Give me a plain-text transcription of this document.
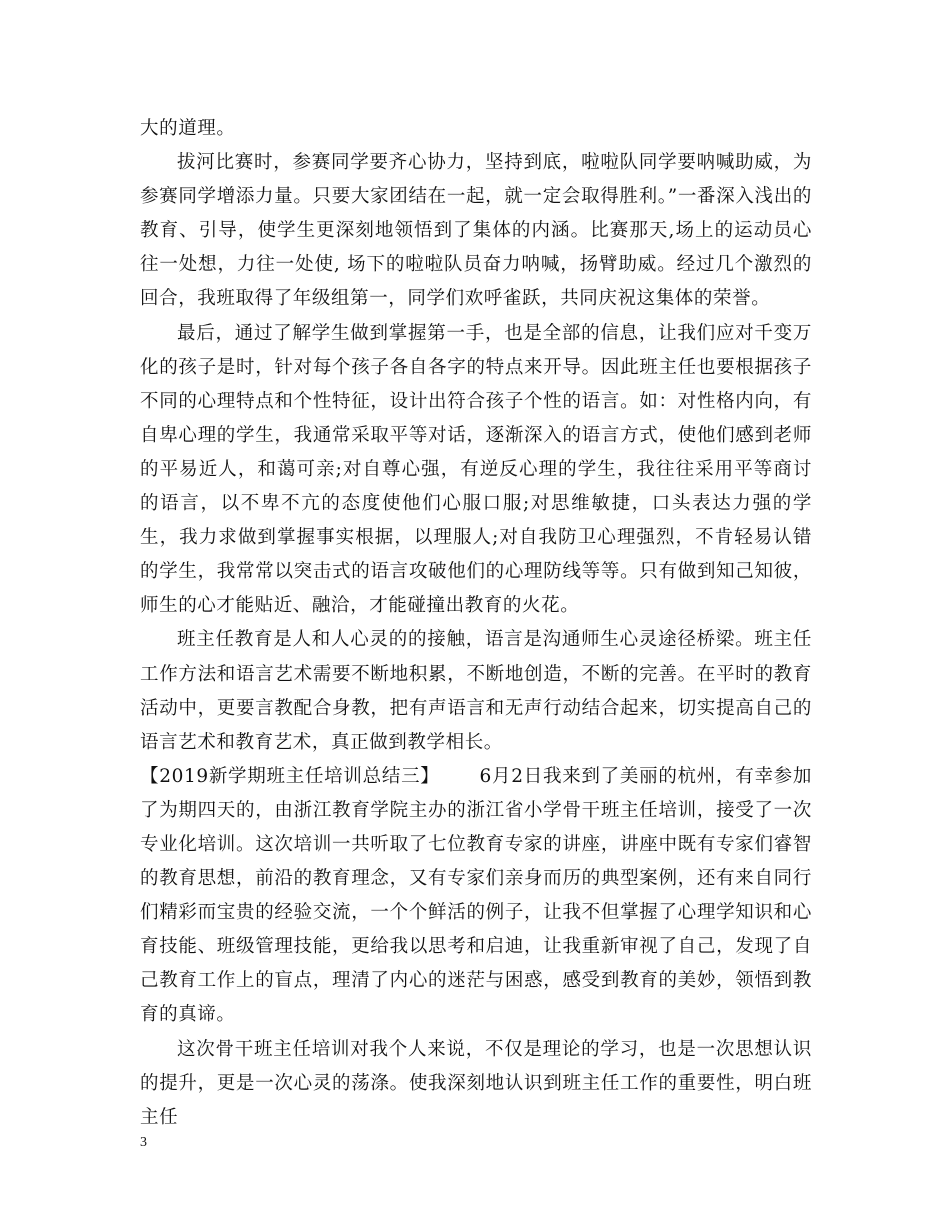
大的道理。

拔河比赛时，参赛同学要齐心协力，坚持到底，啦啦队同学要呐喊助威，为参赛同学增添力量。只要大家团结在一起，就一定会取得胜利。”一番深入浅出的教育、引导，使学生更深刻地领悟到了集体的内涵。比赛那天,场上的运动员心往一处想，力往一处使, 场下的啦啦队员奋力呐喊，扬臂助威。经过几个激烈的回合，我班取得了年级组第一，同学们欢呼雀跃，共同庆祝这集体的荣誉。

最后，通过了解学生做到掌握第一手，也是全部的信息，让我们应对千变万化的孩子是时，针对每个孩子各自各字的特点来开导。因此班主任也要根据孩子不同的心理特点和个性特征，设计出符合孩子个性的语言。如：对性格内向，有自卑心理的学生，我通常采取平等对话，逐渐深入的语言方式，使他们感到老师的平易近人，和蔼可亲;对自尊心强，有逆反心理的学生，我往往采用平等商讨的语言，以不卑不亢的态度使他们心服口服;对思维敏捷，口头表达力强的学生，我力求做到掌握事实根据，以理服人;对自我防卫心理强烈，不肯轻易认错的学生，我常常以突击式的语言攻破他们的心理防线等等。只有做到知己知彼，师生的心才能贴近、融洽，才能碰撞出教育的火花。

班主任教育是人和人心灵的的接触，语言是沟通师生心灵途径桥梁。班主任工作方法和语言艺术需要不断地积累，不断地创造，不断的完善。在平时的教育活动中，更要言教配合身教，把有声语言和无声行动结合起来，切实提高自己的语言艺术和教育艺术，真正做到教学相长。

【2019新学期班主任培训总结三】 6月2日我来到了美丽的杭州，有幸参加了为期四天的，由浙江教育学院主办的浙江省小学骨干班主任培训，接受了一次专业化培训。这次培训一共听取了七位教育专家的讲座，讲座中既有专家们睿智的教育思想，前沿的教育理念，又有专家们亲身而历的典型案例，还有来自同行们精彩而宝贵的经验交流，一个个鲜活的例子，让我不但掌握了心理学知识和心育技能、班级管理技能，更给我以思考和启迪，让我重新审视了自己，发现了自己教育工作上的盲点，理清了内心的迷茫与困惑，感受到教育的美妙，领悟到教育的真谛。

这次骨干班主任培训对我个人来说，不仅是理论的学习，也是一次思想认识的提升，更是一次心灵的荡涤。使我深刻地认识到班主任工作的重要性，明白班主任

3
